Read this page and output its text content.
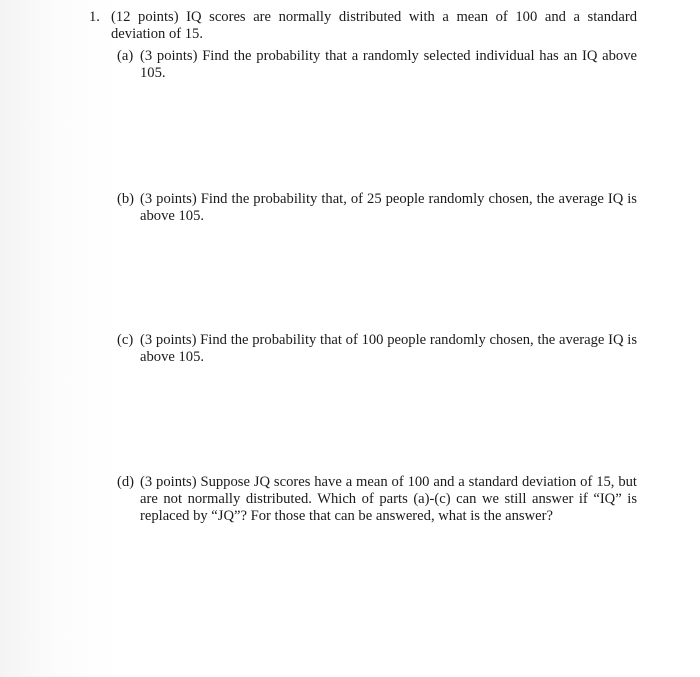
1. (12 points) IQ scores are normally distributed with a mean of 100 and a standard deviation of 15.
(a) (3 points) Find the probability that a randomly selected individual has an IQ above 105.
(b) (3 points) Find the probability that, of 25 people randomly chosen, the average IQ is above 105.
(c) (3 points) Find the probability that of 100 people randomly chosen, the average IQ is above 105.
(d) (3 points) Suppose JQ scores have a mean of 100 and a standard deviation of 15, but are not normally distributed. Which of parts (a)-(c) can we still answer if “IQ” is replaced by “JQ”? For those that can be answered, what is the answer?
